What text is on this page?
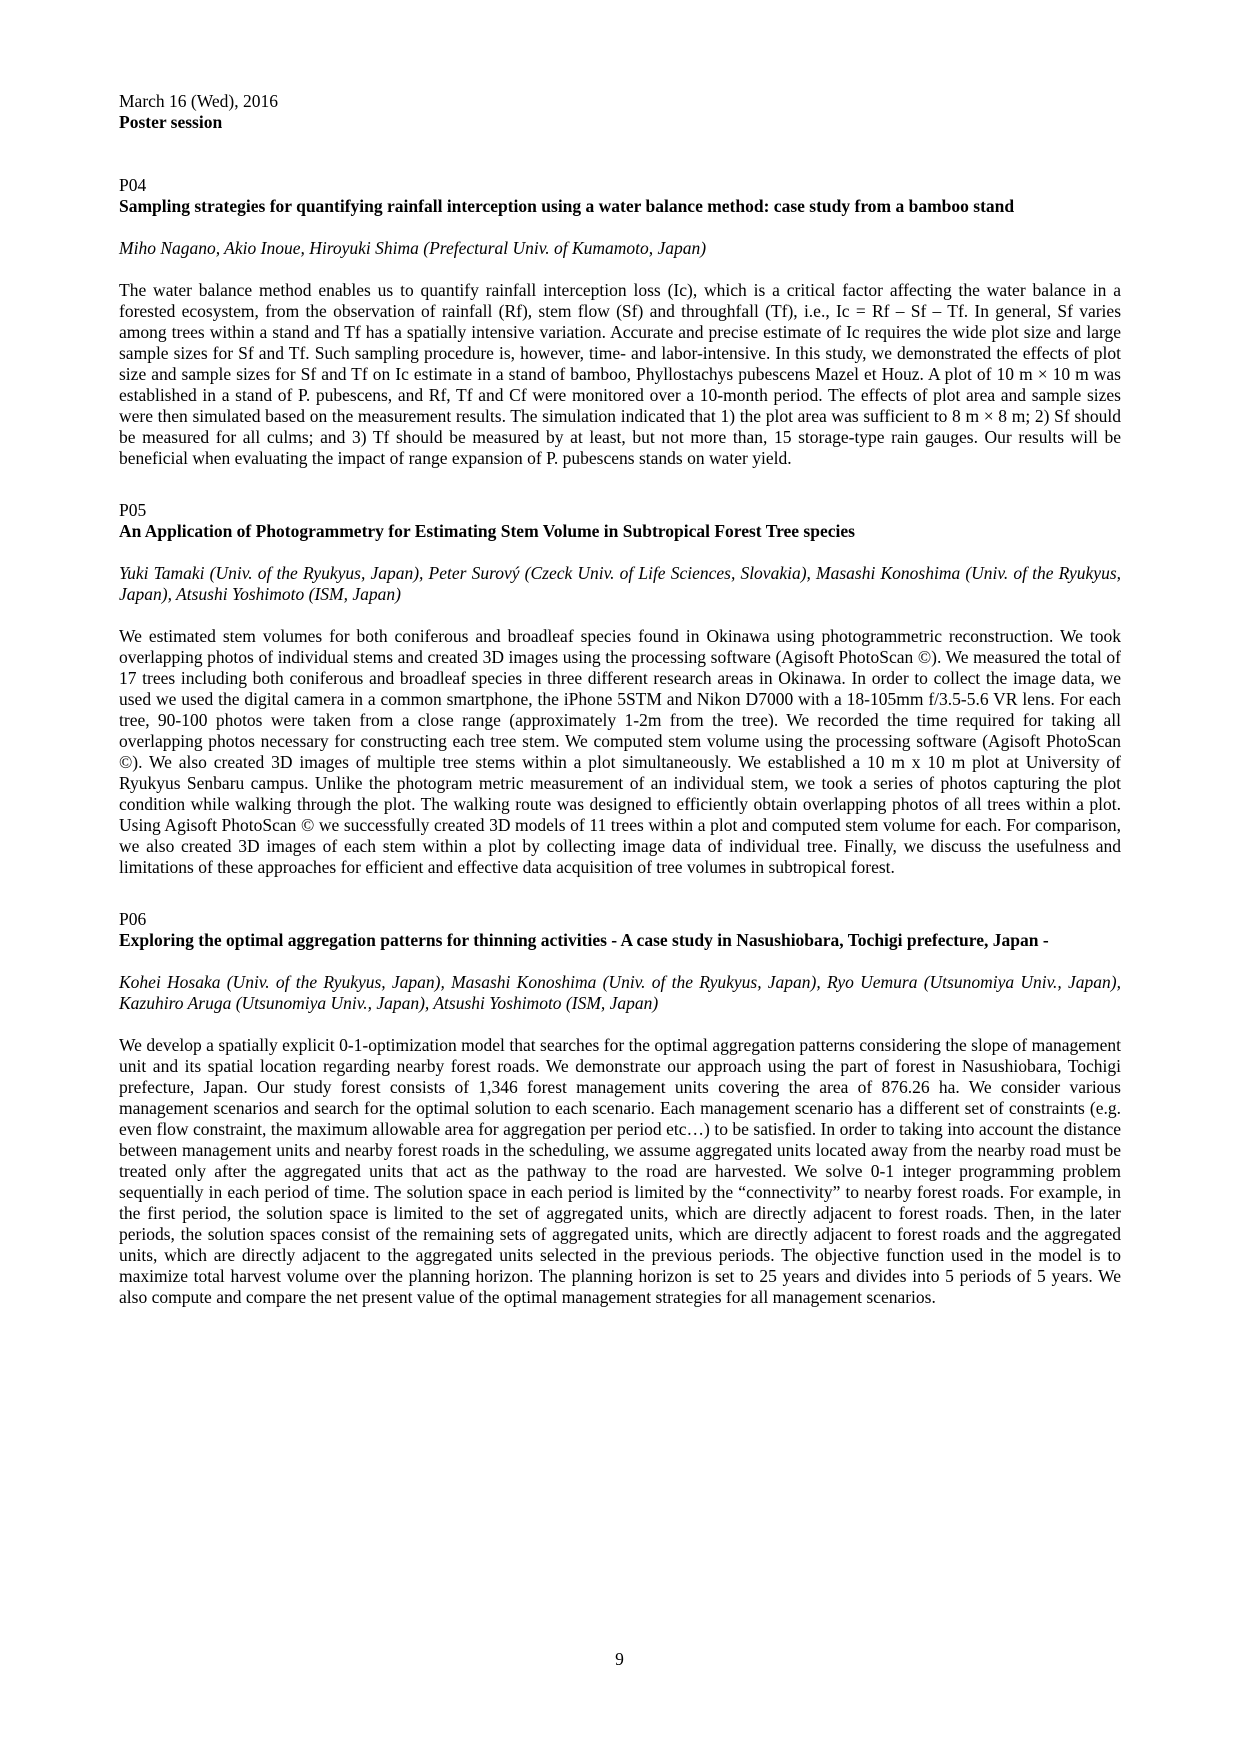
March 16 (Wed), 2016
Poster session
P04
Sampling strategies for quantifying rainfall interception using a water balance method: case study from a bamboo stand
Miho Nagano, Akio Inoue, Hiroyuki Shima (Prefectural Univ. of Kumamoto, Japan)
The water balance method enables us to quantify rainfall interception loss (Ic), which is a critical factor affecting the water balance in a forested ecosystem, from the observation of rainfall (Rf), stem flow (Sf) and throughfall (Tf), i.e., Ic = Rf – Sf – Tf. In general, Sf varies among trees within a stand and Tf has a spatially intensive variation. Accurate and precise estimate of Ic requires the wide plot size and large sample sizes for Sf and Tf. Such sampling procedure is, however, time- and labor-intensive. In this study, we demonstrated the effects of plot size and sample sizes for Sf and Tf on Ic estimate in a stand of bamboo, Phyllostachys pubescens Mazel et Houz. A plot of 10 m × 10 m was established in a stand of P. pubescens, and Rf, Tf and Cf were monitored over a 10-month period. The effects of plot area and sample sizes were then simulated based on the measurement results. The simulation indicated that 1) the plot area was sufficient to 8 m × 8 m; 2) Sf should be measured for all culms; and 3) Tf should be measured by at least, but not more than, 15 storage-type rain gauges. Our results will be beneficial when evaluating the impact of range expansion of P. pubescens stands on water yield.
P05
An Application of Photogrammetry for Estimating Stem Volume in Subtropical Forest Tree species
Yuki Tamaki (Univ. of the Ryukyus, Japan), Peter Surový (Czeck Univ. of Life Sciences, Slovakia), Masashi Konoshima (Univ. of the Ryukyus, Japan), Atsushi Yoshimoto (ISM, Japan)
We estimated stem volumes for both coniferous and broadleaf species found in Okinawa using photogrammetric reconstruction. We took overlapping photos of individual stems and created 3D images using the processing software (Agisoft PhotoScan ©). We measured the total of 17 trees including both coniferous and broadleaf species in three different research areas in Okinawa. In order to collect the image data, we used we used the digital camera in a common smartphone, the iPhone 5STM and Nikon D7000 with a 18-105mm f/3.5-5.6 VR lens. For each tree, 90-100 photos were taken from a close range (approximately 1-2m from the tree). We recorded the time required for taking all overlapping photos necessary for constructing each tree stem. We computed stem volume using the processing software (Agisoft PhotoScan ©). We also created 3D images of multiple tree stems within a plot simultaneously. We established a 10 m x 10 m plot at University of Ryukyus Senbaru campus. Unlike the photogram metric measurement of an individual stem, we took a series of photos capturing the plot condition while walking through the plot. The walking route was designed to efficiently obtain overlapping photos of all trees within a plot. Using Agisoft PhotoScan © we successfully created 3D models of 11 trees within a plot and computed stem volume for each. For comparison, we also created 3D images of each stem within a plot by collecting image data of individual tree. Finally, we discuss the usefulness and limitations of these approaches for efficient and effective data acquisition of tree volumes in subtropical forest.
P06
Exploring the optimal aggregation patterns for thinning activities - A case study in Nasushiobara, Tochigi prefecture, Japan -
Kohei Hosaka (Univ. of the Ryukyus, Japan), Masashi Konoshima (Univ. of the Ryukyus, Japan), Ryo Uemura (Utsunomiya Univ., Japan), Kazuhiro Aruga (Utsunomiya Univ., Japan), Atsushi Yoshimoto (ISM, Japan)
We develop a spatially explicit 0-1-optimization model that searches for the optimal aggregation patterns considering the slope of management unit and its spatial location regarding nearby forest roads. We demonstrate our approach using the part of forest in Nasushiobara, Tochigi prefecture, Japan. Our study forest consists of 1,346 forest management units covering the area of 876.26 ha. We consider various management scenarios and search for the optimal solution to each scenario. Each management scenario has a different set of constraints (e.g. even flow constraint, the maximum allowable area for aggregation per period etc…) to be satisfied. In order to taking into account the distance between management units and nearby forest roads in the scheduling, we assume aggregated units located away from the nearby road must be treated only after the aggregated units that act as the pathway to the road are harvested. We solve 0-1 integer programming problem sequentially in each period of time. The solution space in each period is limited by the “connectivity” to nearby forest roads. For example, in the first period, the solution space is limited to the set of aggregated units, which are directly adjacent to forest roads. Then, in the later periods, the solution spaces consist of the remaining sets of aggregated units, which are directly adjacent to forest roads and the aggregated units, which are directly adjacent to the aggregated units selected in the previous periods. The objective function used in the model is to maximize total harvest volume over the planning horizon. The planning horizon is set to 25 years and divides into 5 periods of 5 years. We also compute and compare the net present value of the optimal management strategies for all management scenarios.
9
